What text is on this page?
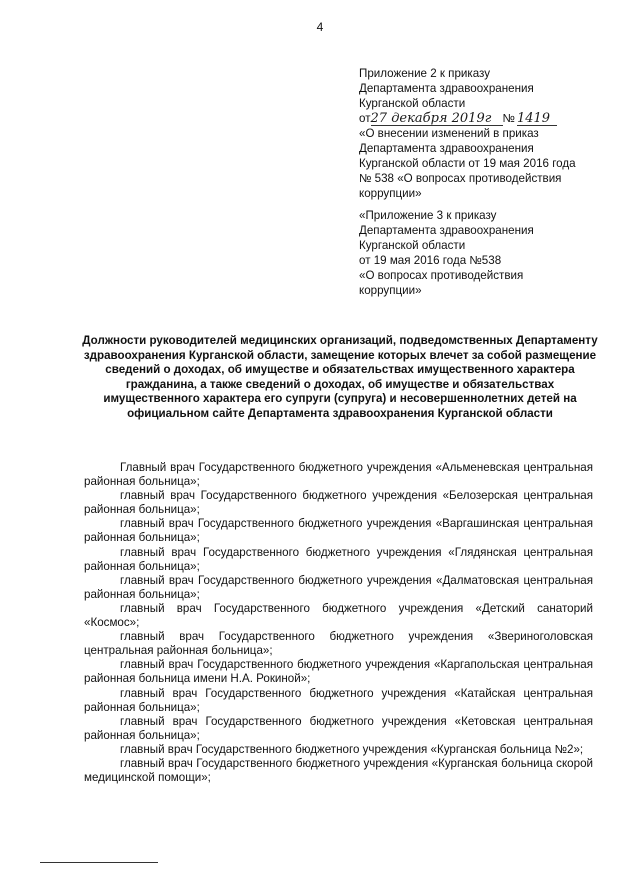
4
Приложение 2 к приказу
Департамента здравоохранения
Курганской области
от27 декабря 2019г № 1419
«О внесении изменений в приказ
Департамента здравоохранения
Курганской области от 19 мая 2016 года
№ 538 «О вопросах противодействия
коррупции»
«Приложение 3 к приказу
Департамента здравоохранения
Курганской области
от 19 мая 2016 года №538
«О вопросах противодействия
коррупции»
Должности руководителей медицинских организаций, подведомственных Департаменту здравоохранения Курганской области, замещение которых влечет за собой размещение сведений о доходах, об имуществе и обязательствах имущественного характера гражданина, а также сведений о доходах, об имуществе и обязательствах имущественного характера его супруги (супруга) и несовершеннолетних детей на официальном сайте Департамента здравоохранения Курганской области

Главный врач Государственного бюджетного учреждения «Альменевская центральная районная больница»;

главный врач Государственного бюджетного учреждения «Белозерская центральная районная больница»;

главный врач Государственного бюджетного учреждения «Варгашинская центральная районная больница»;

главный врач Государственного бюджетного учреждения «Глядянская центральная районная больница»;

главный врач Государственного бюджетного учреждения «Далматовская центральная районная больница»;

главный врач Государственного бюджетного учреждения «Детский санаторий «Космос»;

главный врач Государственного бюджетного учреждения «Звериноголовская центральная районная больница»;

главный врач Государственного бюджетного учреждения «Каргапольская центральная районная больница имени Н.А. Рокиной»;

главный врач Государственного бюджетного учреждения «Катайская центральная районная больница»;

главный врач Государственного бюджетного учреждения «Кетовская центральная районная больница»;

главный врач Государственного бюджетного учреждения «Курганская больница №2»;

главный врач Государственного бюджетного учреждения «Курганская больница скорой медицинской помощи»;
